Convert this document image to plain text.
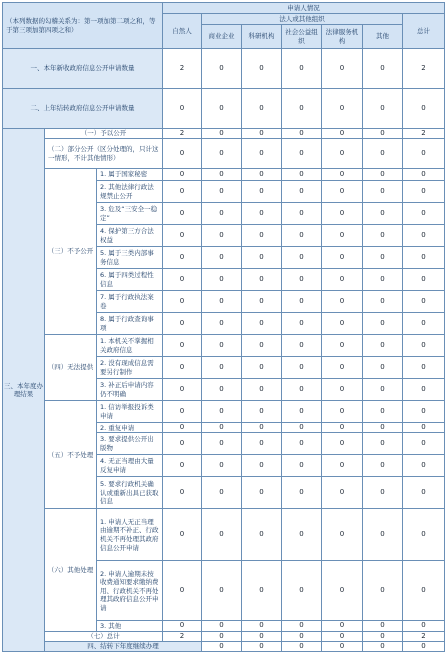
（本列数据的勾稽关系为：第一项加第二项之和，等于第三项加第四项之和）			申请人情况							
			自然人	法人或其他组织					总计	
				商业企业	科研机构	社会公益组织	法律服务机构	其他		
一、本年新收政府信息公开申请数量			2	0	0	0	0	0	2	
二、上年结转政府信息公开申请数量			0	0	0	0	0	0	0	
三、本年度办理结果	（一）予以公开		2	0	0	0	0	0	2	
	（二）部分公开（区分处理的，只计这一情形，不计其他情形）		0	0	0	0	0	0	0	
	（三）不予公开	1. 属于国家秘密	0	0	0	0	0	0	0	
		2. 其他法律行政法规禁止公开	0	0	0	0	0	0	0	
		3. 危及“三安全一稳定”	0	0	0	0	0	0	0	
		4. 保护第三方合法权益	0	0	0	0	0	0	0	
		5. 属于三类内部事务信息	0	0	0	0	0	0	0	
		6. 属于四类过程性信息	0	0	0	0	0	0	0	
		7. 属于行政执法案卷	0	0	0	0	0	0	0	
		8. 属于行政查询事项	0	0	0	0	0	0	0	
	（四）无法提供	1. 本机关不掌握相关政府信息	0	0	0	0	0	0	0	
		2. 没有现成信息需要另行制作	0	0	0	0	0	0	0	
		3. 补正后申请内容仍不明确	0	0	0	0	0	0	0	
	（五）不予处理	1. 信访举报投诉类申请	0	0	0	0	0	0	0	
		2. 重复申请	0	0	0	0	0	0	0	
		3. 要求提供公开出版物	0	0	0	0	0	0	0	
		4. 无正当理由大量反复申请	0	0	0	0	0	0	0	
		5. 要求行政机关确认或重新出具已获取信息	0	0	0	0	0	0	0	
	（六）其他处理	1. 申请人无正当理由逾期不补正、行政机关不再处理其政府信息公开申请	0	0	0	0	0	0	0	
		2. 申请人逾期未按收费通知要求缴纳费用、行政机关不再处理其政府信息公开申请	0	0	0	0	0	0	0	
		3. 其他	0	0	0	0	0	0	0	
	（七）总计		2	0	0	0	0	0	2	
	四、结转下年度继续办理			0	0	0	0	0	0	
